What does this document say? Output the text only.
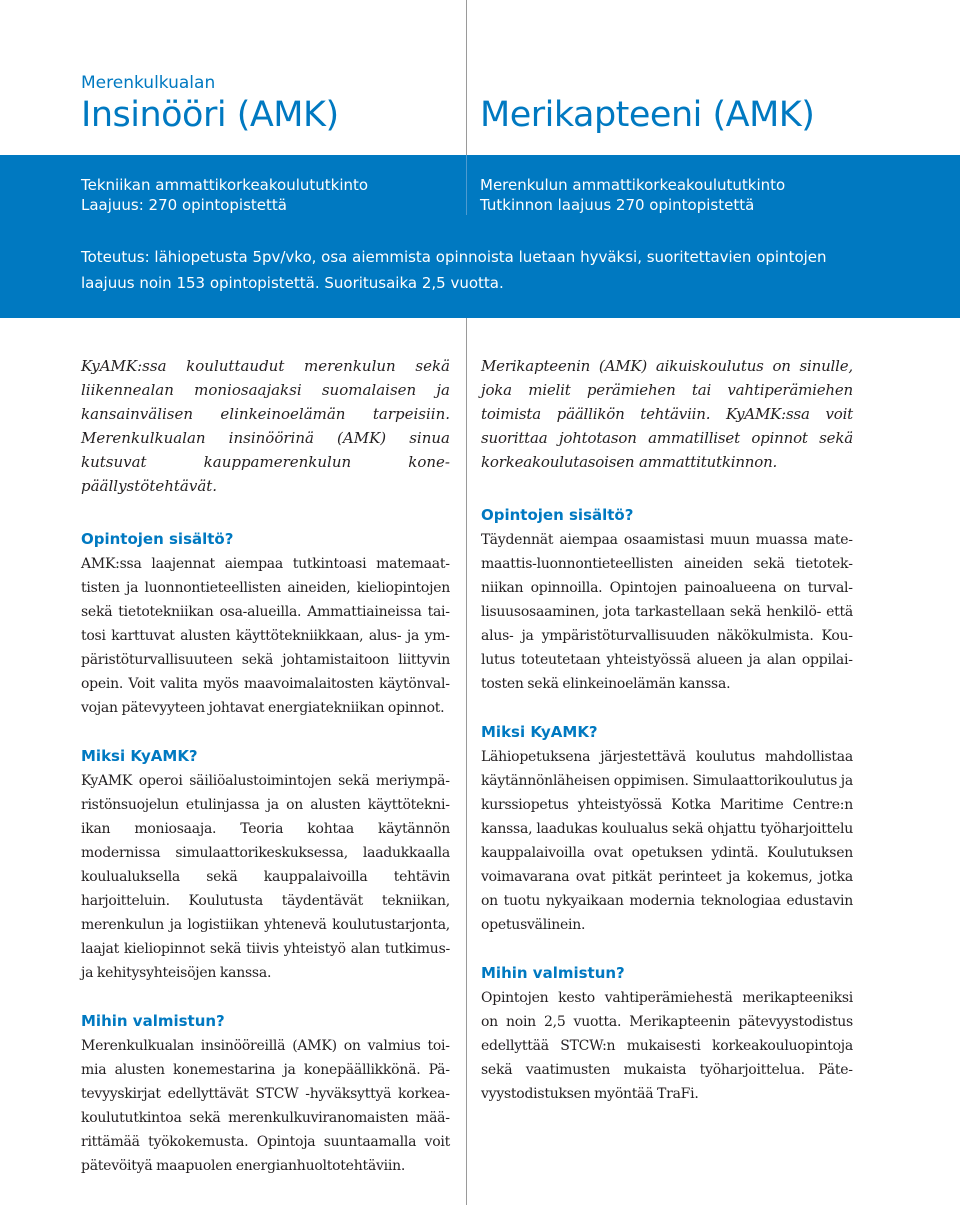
Merenkulkualan
Insinööri (AMK)	Merikapteeni (AMK)
Tekniikan ammattikorkeakoulututkinto
Laajuus: 270 opintopistettä
Merenkulun ammattikorkeakoulututkinto
Tutkinnon laajuus 270 opintopistettä
Toteutus: lähiopetusta 5pv/vko, osa aiemmista opinnoista luetaan hyväksi, suoritettavien opintojen laajuus noin 153 opintopistettä. Suoritusaika 2,5 vuotta.

KyAMK:ssa kouluttaudut merenkulun sekä liikennealan moniosaajaksi suomalaisen ja kansainvälisen elinkeinoelämän tarpeisiin. Merenkulkualan insinöörinä (AMK) sinua kutsuvat kauppamerenkulun konepäällystötehtävät.

Opintojen sisältö?

AMK:ssa laajennat aiempaa tutkintoasi matemaattisten ja luonnontieteellisten aineiden, kieliopintojen sekä tietotekniikan osa-alueilla. Ammattiaineissa taitosi karttuvat alusten käyttötekniikkaan, alus- ja ympäristöturvallisuuteen sekä johtamistaitoon liittyvin opein. Voit valita myös maavoimalaitosten käytönvalvojan pätevyyteen johtavat energiatekniikan opinnot.

Miksi KyAMK?

KyAMK operoi säiliöalustoimintojen sekä meriympäristönsuojelun etulinjassa ja on alusten käyttötekniikan moniosaaja. Teoria kohtaa käytännön modernissa simulaattorikeskuksessa, laadukkaalla koulualuksella sekä kauppalaivoilla tehtävin harjoitteluin. Koulutusta täydentävät tekniikan, merenkulun ja logistiikan yhtenevä koulutustarjonta, laajat kieliopinnot sekä tiivis yhteistyö alan tutkimus- ja kehitysyhteisöjen kanssa.

Mihin valmistun?

Merenkulkualan insinööreillä (AMK) on valmius toimia alusten konemestarina ja konepäällikkönä. Pätevyyskirjat edellyttävät STCW -hyväksyttyä korkeakoulututkintoa sekä merenkulkuviranomaisten määrittämää työkokemusta. Opintoja suuntaamalla voit pätevöityä maapuolen energianhuoltotehtäviin.

Merikapteenin (AMK) aikuiskoulutus on sinulle, joka mielit perämiehen tai vahtiperämiehen toimista päällikön tehtäviin. KyAMK:ssa voit suorittaa johtotason ammatilliset opinnot sekä korkeakoulutasoisen ammattitutkinnon.

Opintojen sisältö?

Täydennät aiempaa osaamistasi muun muassa matemaattis-luonnontieteellisten aineiden sekä tietotekniikan opinnoilla. Opintojen painoalueena on turvallisuusosaaminen, jota tarkastellaan sekä henkilö- että alus- ja ympäristöturvallisuuden näkökulmista. Koulutus toteutetaan yhteistyössä alueen ja alan oppilaitosten sekä elinkeinoelämän kanssa.

Miksi KyAMK?

Lähiopetuksena järjestettävä koulutus mahdollistaa käytännönläheisen oppimisen. Simulaattorikoulutus ja kurssiopetus yhteistyössä Kotka Maritime Centre:n kanssa, laadukas koulualus sekä ohjattu työharjoittelu kauppalaivoilla ovat opetuksen ydintä. Koulutuksen voimavarana ovat pitkät perinteet ja kokemus, jotka on tuotu nykyaikaan modernia teknologiaa edustavin opetusvälinein.

Mihin valmistun?

Opintojen kesto vahtiperämiehestä merikapteeniksi on noin 2,5 vuotta. Merikapteenin pätevyystodistus edellyttää STCW:n mukaisesti korkeakouluopintoja sekä vaatimusten mukaista työharjoittelua. Pätevyystodistuksen myöntää TraFi.
